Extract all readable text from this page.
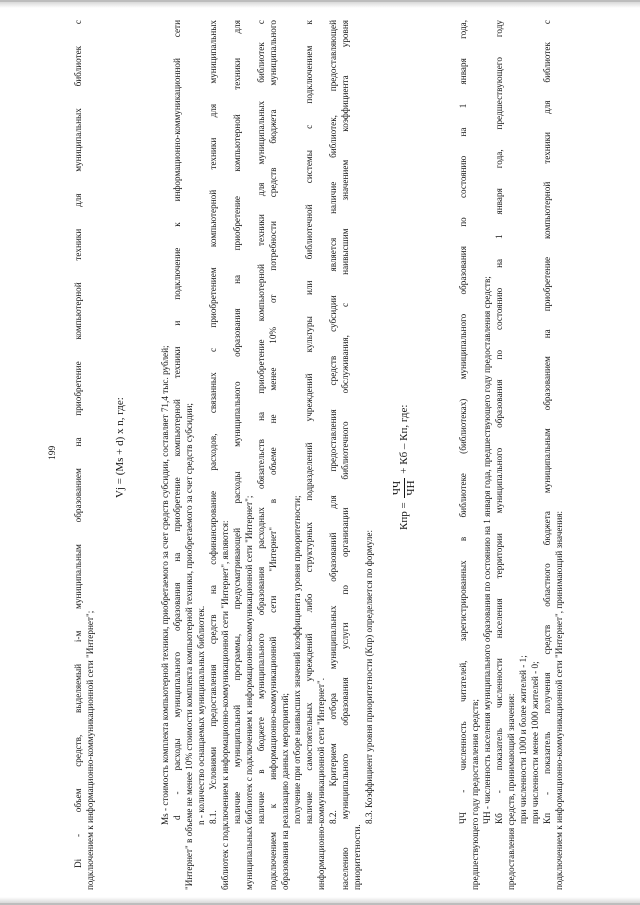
199	Vj = (Ms + d) x n, где:
Кпр =
ЧЧ ЧН
+ Кб – Кп, где:
Di - объем средств, выделяемый i-м муниципальным образованием на приобретение компьютерной техники для муниципальных библиотек с подключением к информационно-коммуникационной сети "Интернет";	Ms - стоимость комплекта компьютерной техники, приобретаемого за счет средств субсидии, составляет 71,4 тыс. рублей; d - расходы муниципального образования на приобретение компьютерной техники и подключение к информационно-коммуникационной сети "Интернет" в объеме не менее 10% стоимости комплекта компьютерной техники, приобретаемого за счет средств субсидии; n - количество оснащаемых муниципальных библиотек. 8.1. Условиями предоставления средств на софинансирование расходов, связанных с приобретением компьютерной техники для муниципальных библиотек с подключением к информационно-коммуникационной сети "Интернет", являются: наличие муниципальной программы, предусматривающей расходы муниципального образования на приобретение компьютерной техники для муниципальных библиотек с подключением к информационно-коммуникационной сети "Интернет"; наличие в бюджете муниципального образования расходных обязательств на приобретение компьютерной техники для муниципальных библиотек с подключением к информационно-коммуникационной сети "Интернет" в объеме не менее 10% от потребности средств бюджета муниципального образования на реализацию данных мероприятий; получение при отборе наивысших значений коэффициента уровня приоритетности; наличие самостоятельных учреждений либо структурных подразделений учреждений культуры или библиотечной системы с подключением к информационно-коммуникационной сети "Интернет". 8.2. Критерием отбора муниципальных образований для предоставления средств субсидии является наличие библиотек, предоставляющей населению муниципального образования услуги по организации библиотечного обслуживания, с наивысшим значением коэффициента уровня приоритетности.
8.3. Коэффициент уровня приоритетности (Кпр) определяется по формуле:	ЧЧ - численность читателей, зарегистрированных в библиотеке (библиотеках) муниципального образования по состоянию на 1 января года, предшествующего году предоставления средств; ЧН - численность населения муниципального образования по состоянию на 1 января года, предшествующего году предоставления средств; Кб - показатель численности населения территории муниципального образования по состоянию на 1 января года, предшествующего году предоставления средств, принимающий значения: при численности 1000 и более жителей - 1; при численности менее 1000 жителей - 0; Кп - показатель получения средств областного бюджета муниципальным образованием на приобретение компьютерной техники для библиотек с подключением к информационно-коммуникационной сети "Интернет", принимающий значения:
